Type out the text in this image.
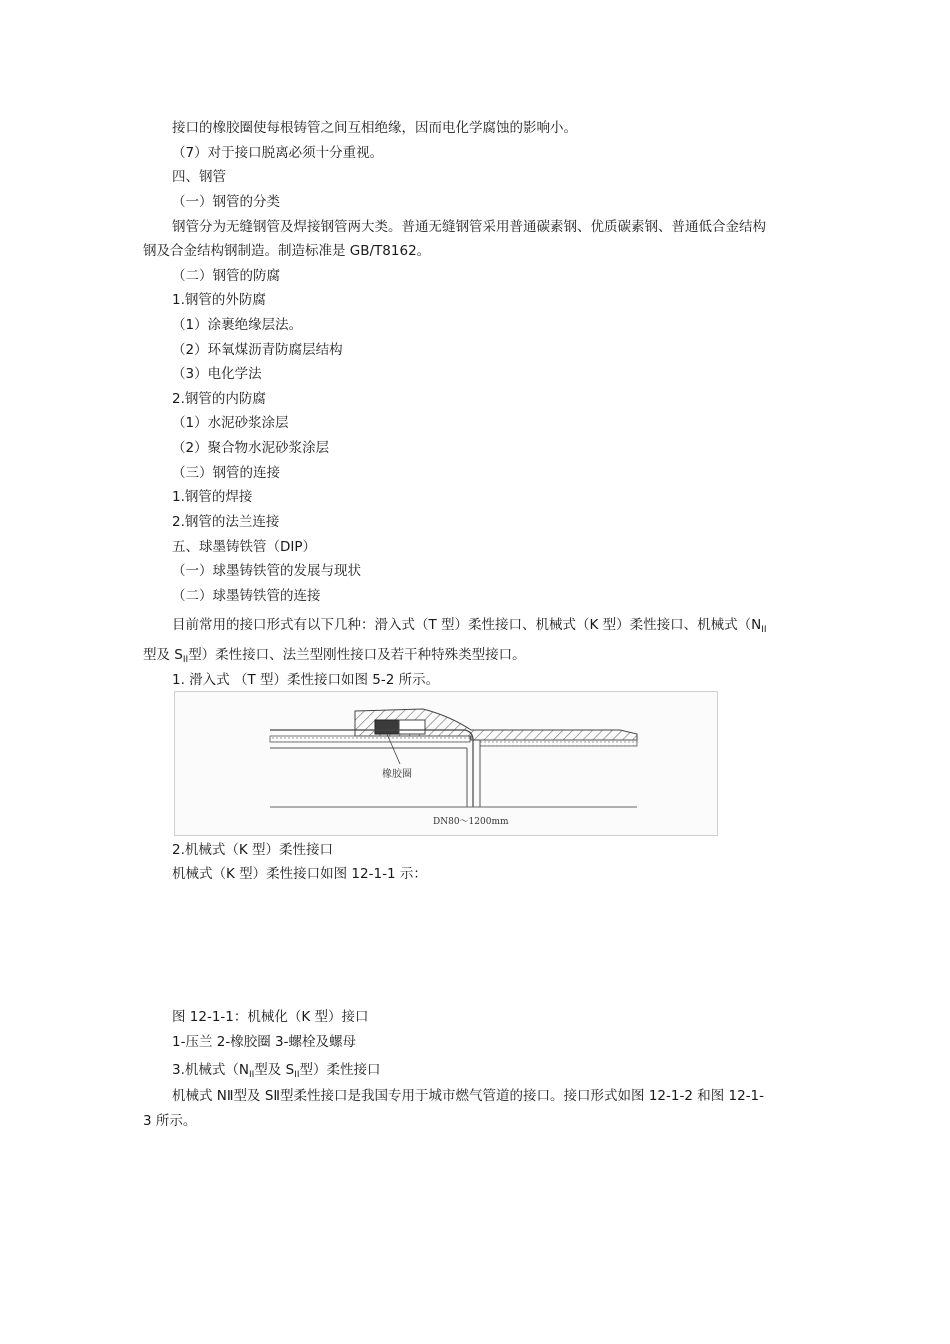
接口的橡胶圈使每根铸管之间互相绝缘，因而电化学腐蚀的影响小。
（7）对于接口脱离必须十分重视。
四、钢管
（一）钢管的分类
钢管分为无缝钢管及焊接钢管两大类。普通无缝钢管采用普通碳素钢、优质碳素钢、普通低合金结构
钢及合金结构钢制造。制造标准是 GB/T8162。
（二）钢管的防腐
1.钢管的外防腐
（1）涂裹绝缘层法。
（2）环氧煤沥青防腐层结构
（3）电化学法
2.钢管的内防腐
（1）水泥砂浆涂层
（2）聚合物水泥砂浆涂层
（三）钢管的连接
1.钢管的焊接
2.钢管的法兰连接
五、球墨铸铁管（DIP）
（一）球墨铸铁管的发展与现状
（二）球墨铸铁管的连接
目前常用的接口形式有以下几种：滑入式（T 型）柔性接口、机械式（K 型）柔性接口、机械式（$N_{II}$
型及 $S_{II}$型）柔性接口、法兰型刚性接口及若干种特殊类型接口。
1. 滑入式 （T 型）柔性接口如图 5-2 所示。
橡胶圈
DN80～1200mm
2.机械式（K 型）柔性接口
机械式（K 型）柔性接口如图 12-1-1 示：
图 12-1-1：机械化（K 型）接口
1-压兰 2-橡胶圈 3-螺栓及螺母
3.机械式（$N_{II}$型及 $S_{II}$型）柔性接口
机械式 NⅡ型及 SⅡ型柔性接口是我国专用于城市燃气管道的接口。接口形式如图 12-1-2 和图 12-1-
3 所示。
